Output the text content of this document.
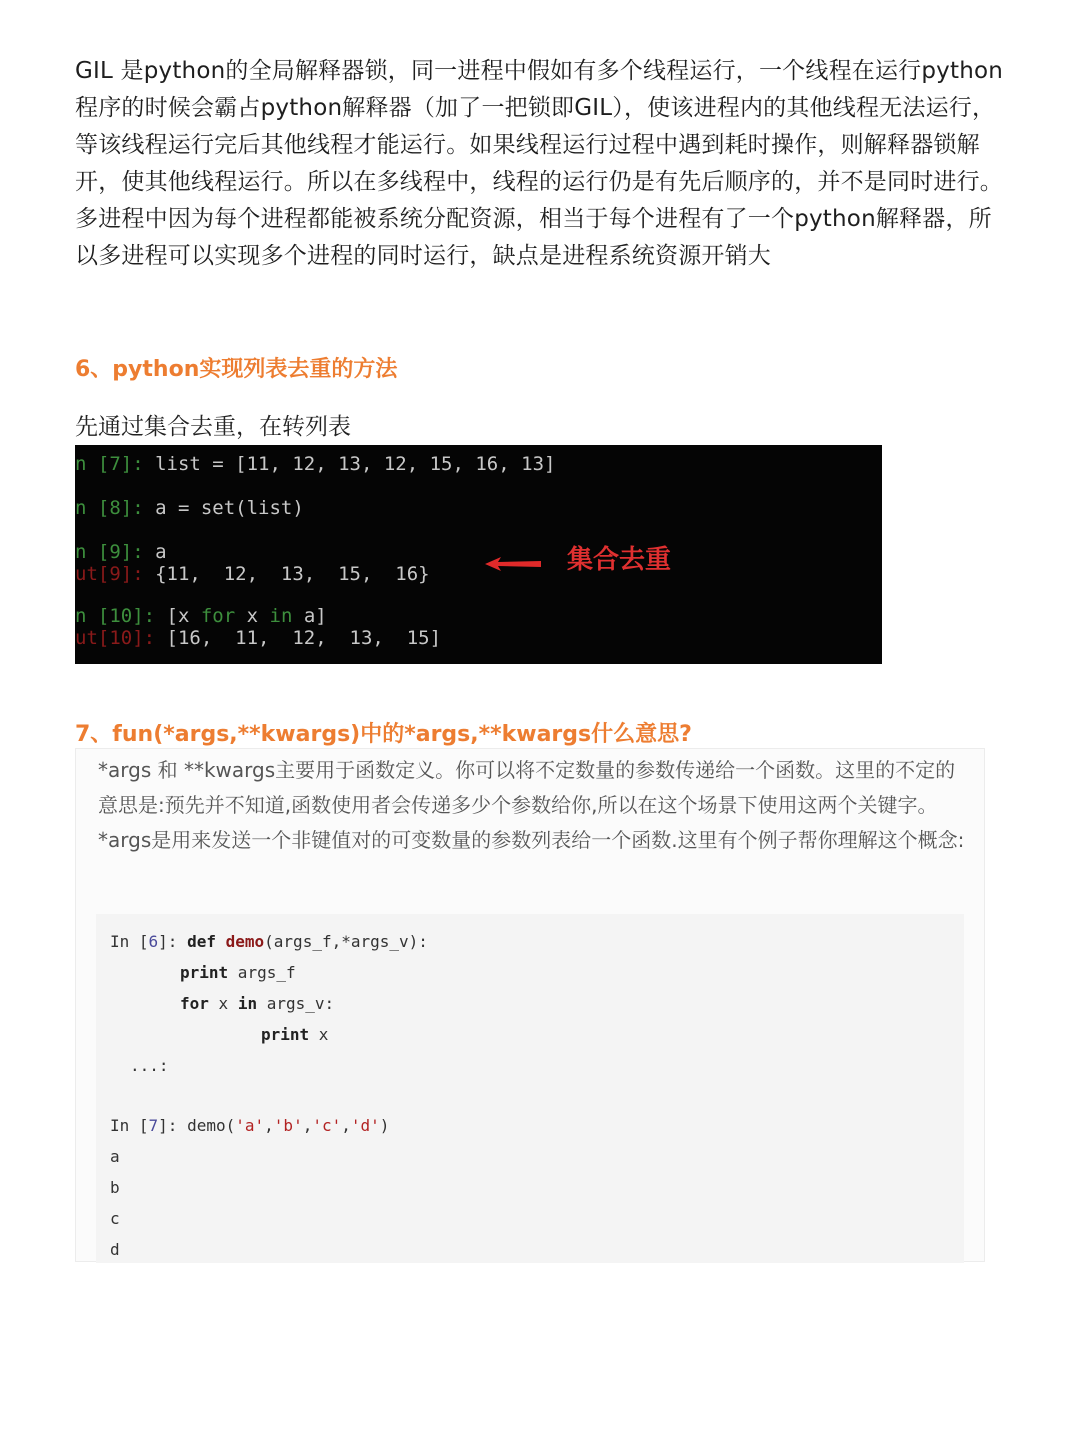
GIL 是python的全局解释器锁，同一进程中假如有多个线程运行，一个线程在运行python程序的时候会霸占python解释器（加了一把锁即GIL），使该进程内的其他线程无法运行，等该线程运行完后其他线程才能运行。如果线程运行过程中遇到耗时操作，则解释器锁解开，使其他线程运行。所以在多线程中，线程的运行仍是有先后顺序的，并不是同时进行。

多进程中因为每个进程都能被系统分配资源，相当于每个进程有了一个python解释器，所以多进程可以实现多个进程的同时运行，缺点是进程系统资源开销大

6、python实现列表去重的方法

先通过集合去重，在转列表

n [7]: list = [11, 12, 13, 12, 15, 16, 13]
n [8]: a = set(list)
n [9]: a
ut[9]: {11,  12,  13,  15,  16}
n [10]: [x for x in a]
ut[10]: [16,  11,  12,  13,  15]
集合去重
7、fun(*args,**kwargs)中的*args,**kwargs什么意思?

*args 和 **kwargs主要用于函数定义。你可以将不定数量的参数传递给一个函数。这里的不定的意思是:预先并不知道,函数使用者会传递多少个参数给你,所以在这个场景下使用这两个关键字。*args是用来发送一个非键值对的可变数量的参数列表给一个函数.这里有个例子帮你理解这个概念:

In [6]: def demo(args_f,*args_v):
print args_f
for x in args_v:
print x
...:
In [7]: demo('a','b','c','d')
a
b
c
d
